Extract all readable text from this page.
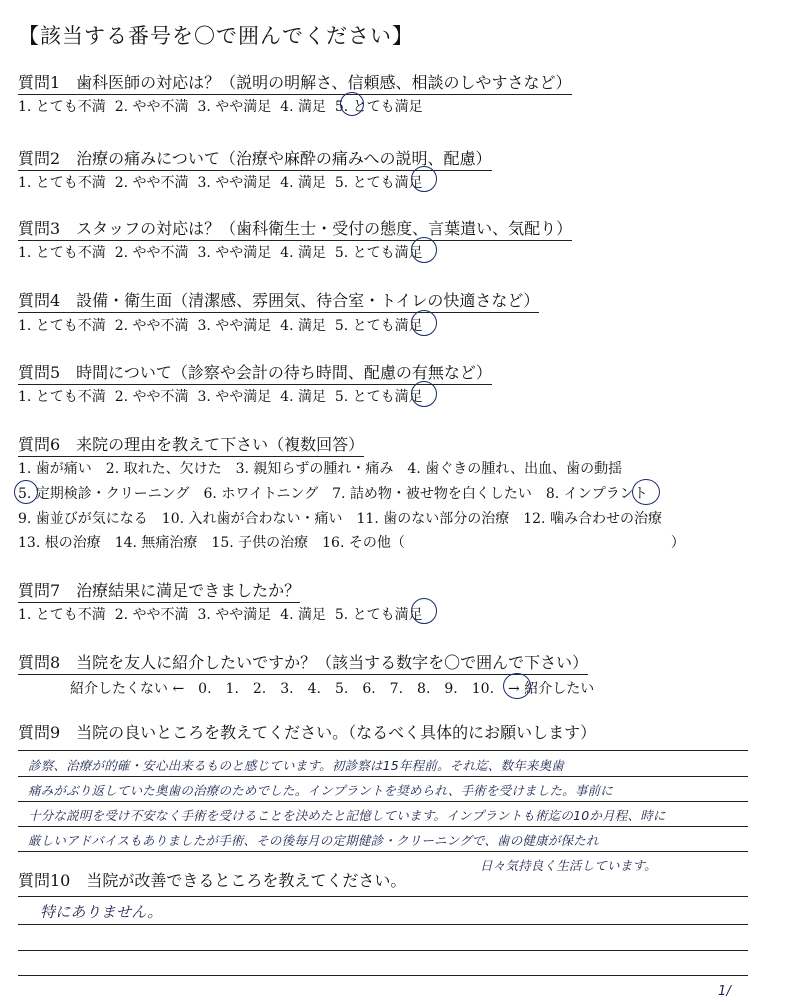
【該当する番号を〇で囲んでください】
質問1　歯科医師の対応は？（説明の明解さ、信頼感、相談のしやすさなど）
1. とても不満 2. やや不満 3. やや満足 4. 満足 5. とても満足
質問2　治療の痛みについて（治療や麻酔の痛みへの説明、配慮）
1. とても不満 2. やや不満 3. やや満足 4. 満足 5. とても満足
質問3　スタッフの対応は？（歯科衛生士・受付の態度、言葉遣い、気配り）
1. とても不満 2. やや不満 3. やや満足 4. 満足 5. とても満足
質問4　設備・衛生面（清潔感、雰囲気、待合室・トイレの快適さなど）
1. とても不満 2. やや不満 3. やや満足 4. 満足 5. とても満足
質問5　時間について（診察や会計の待ち時間、配慮の有無など）
1. とても不満 2. やや不満 3. やや満足 4. 満足 5. とても満足
質問6　来院の理由を教えて下さい（複数回答）
1. 歯が痛い　2. 取れた、欠けた　3. 親知らずの腫れ・痛み　4. 歯ぐきの腫れ、出血、歯の動揺
5. 定期検診・クリーニング　6. ホワイトニング　7. 詰め物・被せ物を白くしたい　8. インプラント
9. 歯並びが気になる　10. 入れ歯が合わない・痛い　11. 歯のない部分の治療　12. 噛み合わせの治療
13. 根の治療　14. 無痛治療　15. 子供の治療　16. その他（　　　　　　　　　　　　　　　　　　　）
質問7　治療結果に満足できましたか？
1. とても不満 2. やや不満 3. やや満足 4. 満足 5. とても満足
質問8　当院を友人に紹介したいですか？（該当する数字を〇で囲んで下さい）
紹介したくない ←　0.　1.　2.　3.　4.　5.　6.　7.　8.　9.　10.　→ 紹介したい
質問9　当院の良いところを教えてください。（なるべく具体的にお願いします）
診察、治療が的確・安心出来るものと感じています。初診察は15年程前。それ迄、数年来奥歯
痛みがぶり返していた奥歯の治療のためでした。インプラントを奨められ、手術を受けました。事前に
十分な説明を受け不安なく手術を受けることを決めたと記憶しています。インプラントも術迄の10か月程、時に
厳しいアドバイスもありましたが手術、その後毎月の定期健診・クリーニングで、歯の健康が保たれ
日々気持良く生活しています。
質問10　当院が改善できるところを教えてください。
特にありません。
1/
